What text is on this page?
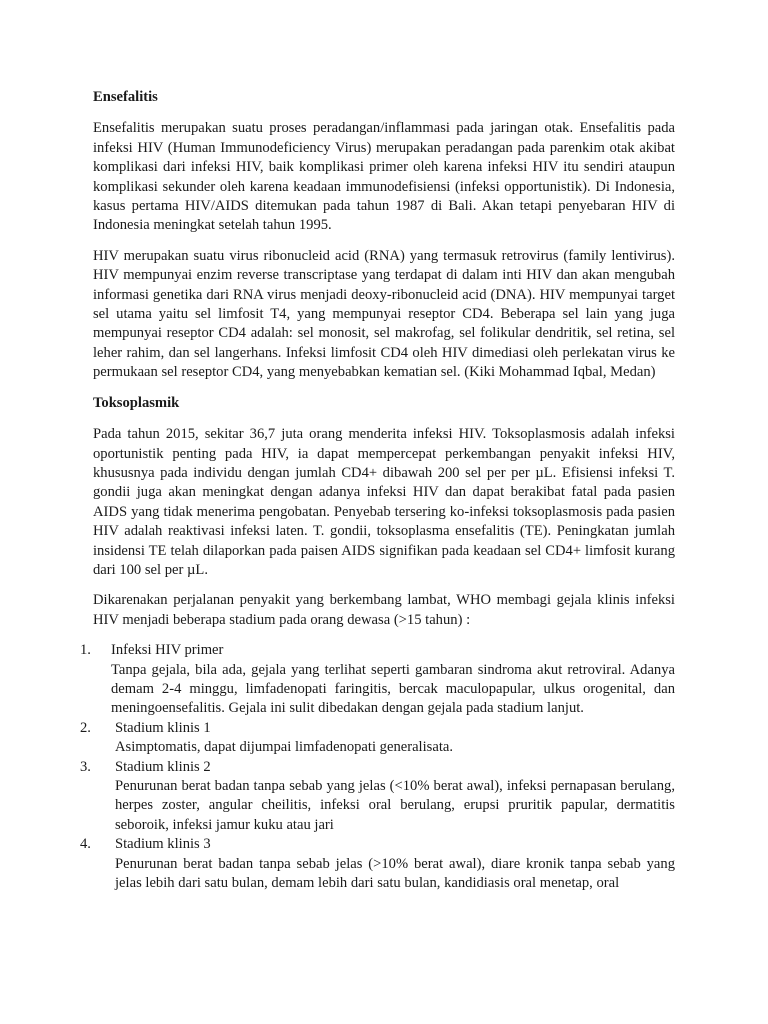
Ensefalitis

Ensefalitis merupakan suatu proses peradangan/inflammasi pada jaringan otak. Ensefalitis pada infeksi HIV (Human Immunodeficiency Virus) merupakan peradangan pada parenkim otak akibat komplikasi dari infeksi HIV, baik komplikasi primer oleh karena infeksi HIV itu sendiri ataupun komplikasi sekunder oleh karena keadaan immunodefisiensi (infeksi opportunistik). Di Indonesia, kasus pertama HIV/AIDS ditemukan pada tahun 1987 di Bali. Akan tetapi penyebaran HIV di Indonesia meningkat setelah tahun 1995.

HIV merupakan suatu virus ribonucleid acid (RNA) yang termasuk retrovirus (family lentivirus). HIV mempunyai enzim reverse transcriptase yang terdapat di dalam inti HIV dan akan mengubah informasi genetika dari RNA virus menjadi deoxy-ribonucleid acid (DNA). HIV mempunyai target sel utama yaitu sel limfosit T4, yang mempunyai reseptor CD4. Beberapa sel lain yang juga mempunyai reseptor CD4 adalah: sel monosit, sel makrofag, sel folikular dendritik, sel retina, sel leher rahim, dan sel langerhans. Infeksi limfosit CD4 oleh HIV dimediasi oleh perlekatan virus ke permukaan sel reseptor CD4, yang menyebabkan kematian sel. (Kiki Mohammad Iqbal, Medan)

Toksoplasmik

Pada tahun 2015, sekitar 36,7 juta orang menderita infeksi HIV. Toksoplasmosis adalah infeksi oportunistik penting pada HIV, ia dapat mempercepat perkembangan penyakit infeksi HIV, khususnya pada individu dengan jumlah CD4+ dibawah 200 sel per per µL. Efisiensi infeksi T. gondii juga akan meningkat dengan adanya infeksi HIV dan dapat berakibat fatal pada pasien AIDS yang tidak menerima pengobatan. Penyebab tersering ko-infeksi toksoplasmosis pada pasien HIV adalah reaktivasi infeksi laten. T. gondii, toksoplasma ensefalitis (TE). Peningkatan jumlah insidensi TE telah dilaporkan pada paisen AIDS signifikan pada keadaan sel CD4+ limfosit kurang dari 100 sel per µL.

Dikarenakan perjalanan penyakit yang berkembang lambat, WHO membagi gejala klinis infeksi HIV menjadi beberapa stadium pada orang dewasa (>15 tahun) :

1. Infeksi HIV primer
Tanpa gejala, bila ada, gejala yang terlihat seperti gambaran sindroma akut retroviral. Adanya demam 2-4 minggu, limfadenopati faringitis, bercak maculopapular, ulkus orogenital, dan meningoensefalitis. Gejala ini sulit dibedakan dengan gejala pada stadium lanjut.
2. Stadium klinis 1
Asimptomatis, dapat dijumpai limfadenopati generalisata.
3. Stadium klinis 2
Penurunan berat badan tanpa sebab yang jelas (<10% berat awal), infeksi pernapasan berulang, herpes zoster, angular cheilitis, infeksi oral berulang, erupsi pruritik papular, dermatitis seboroik, infeksi jamur kuku atau jari
4. Stadium klinis 3
Penurunan berat badan tanpa sebab jelas (>10% berat awal), diare kronik tanpa sebab yang jelas lebih dari satu bulan, demam lebih dari satu bulan, kandidiasis oral menetap, oral
